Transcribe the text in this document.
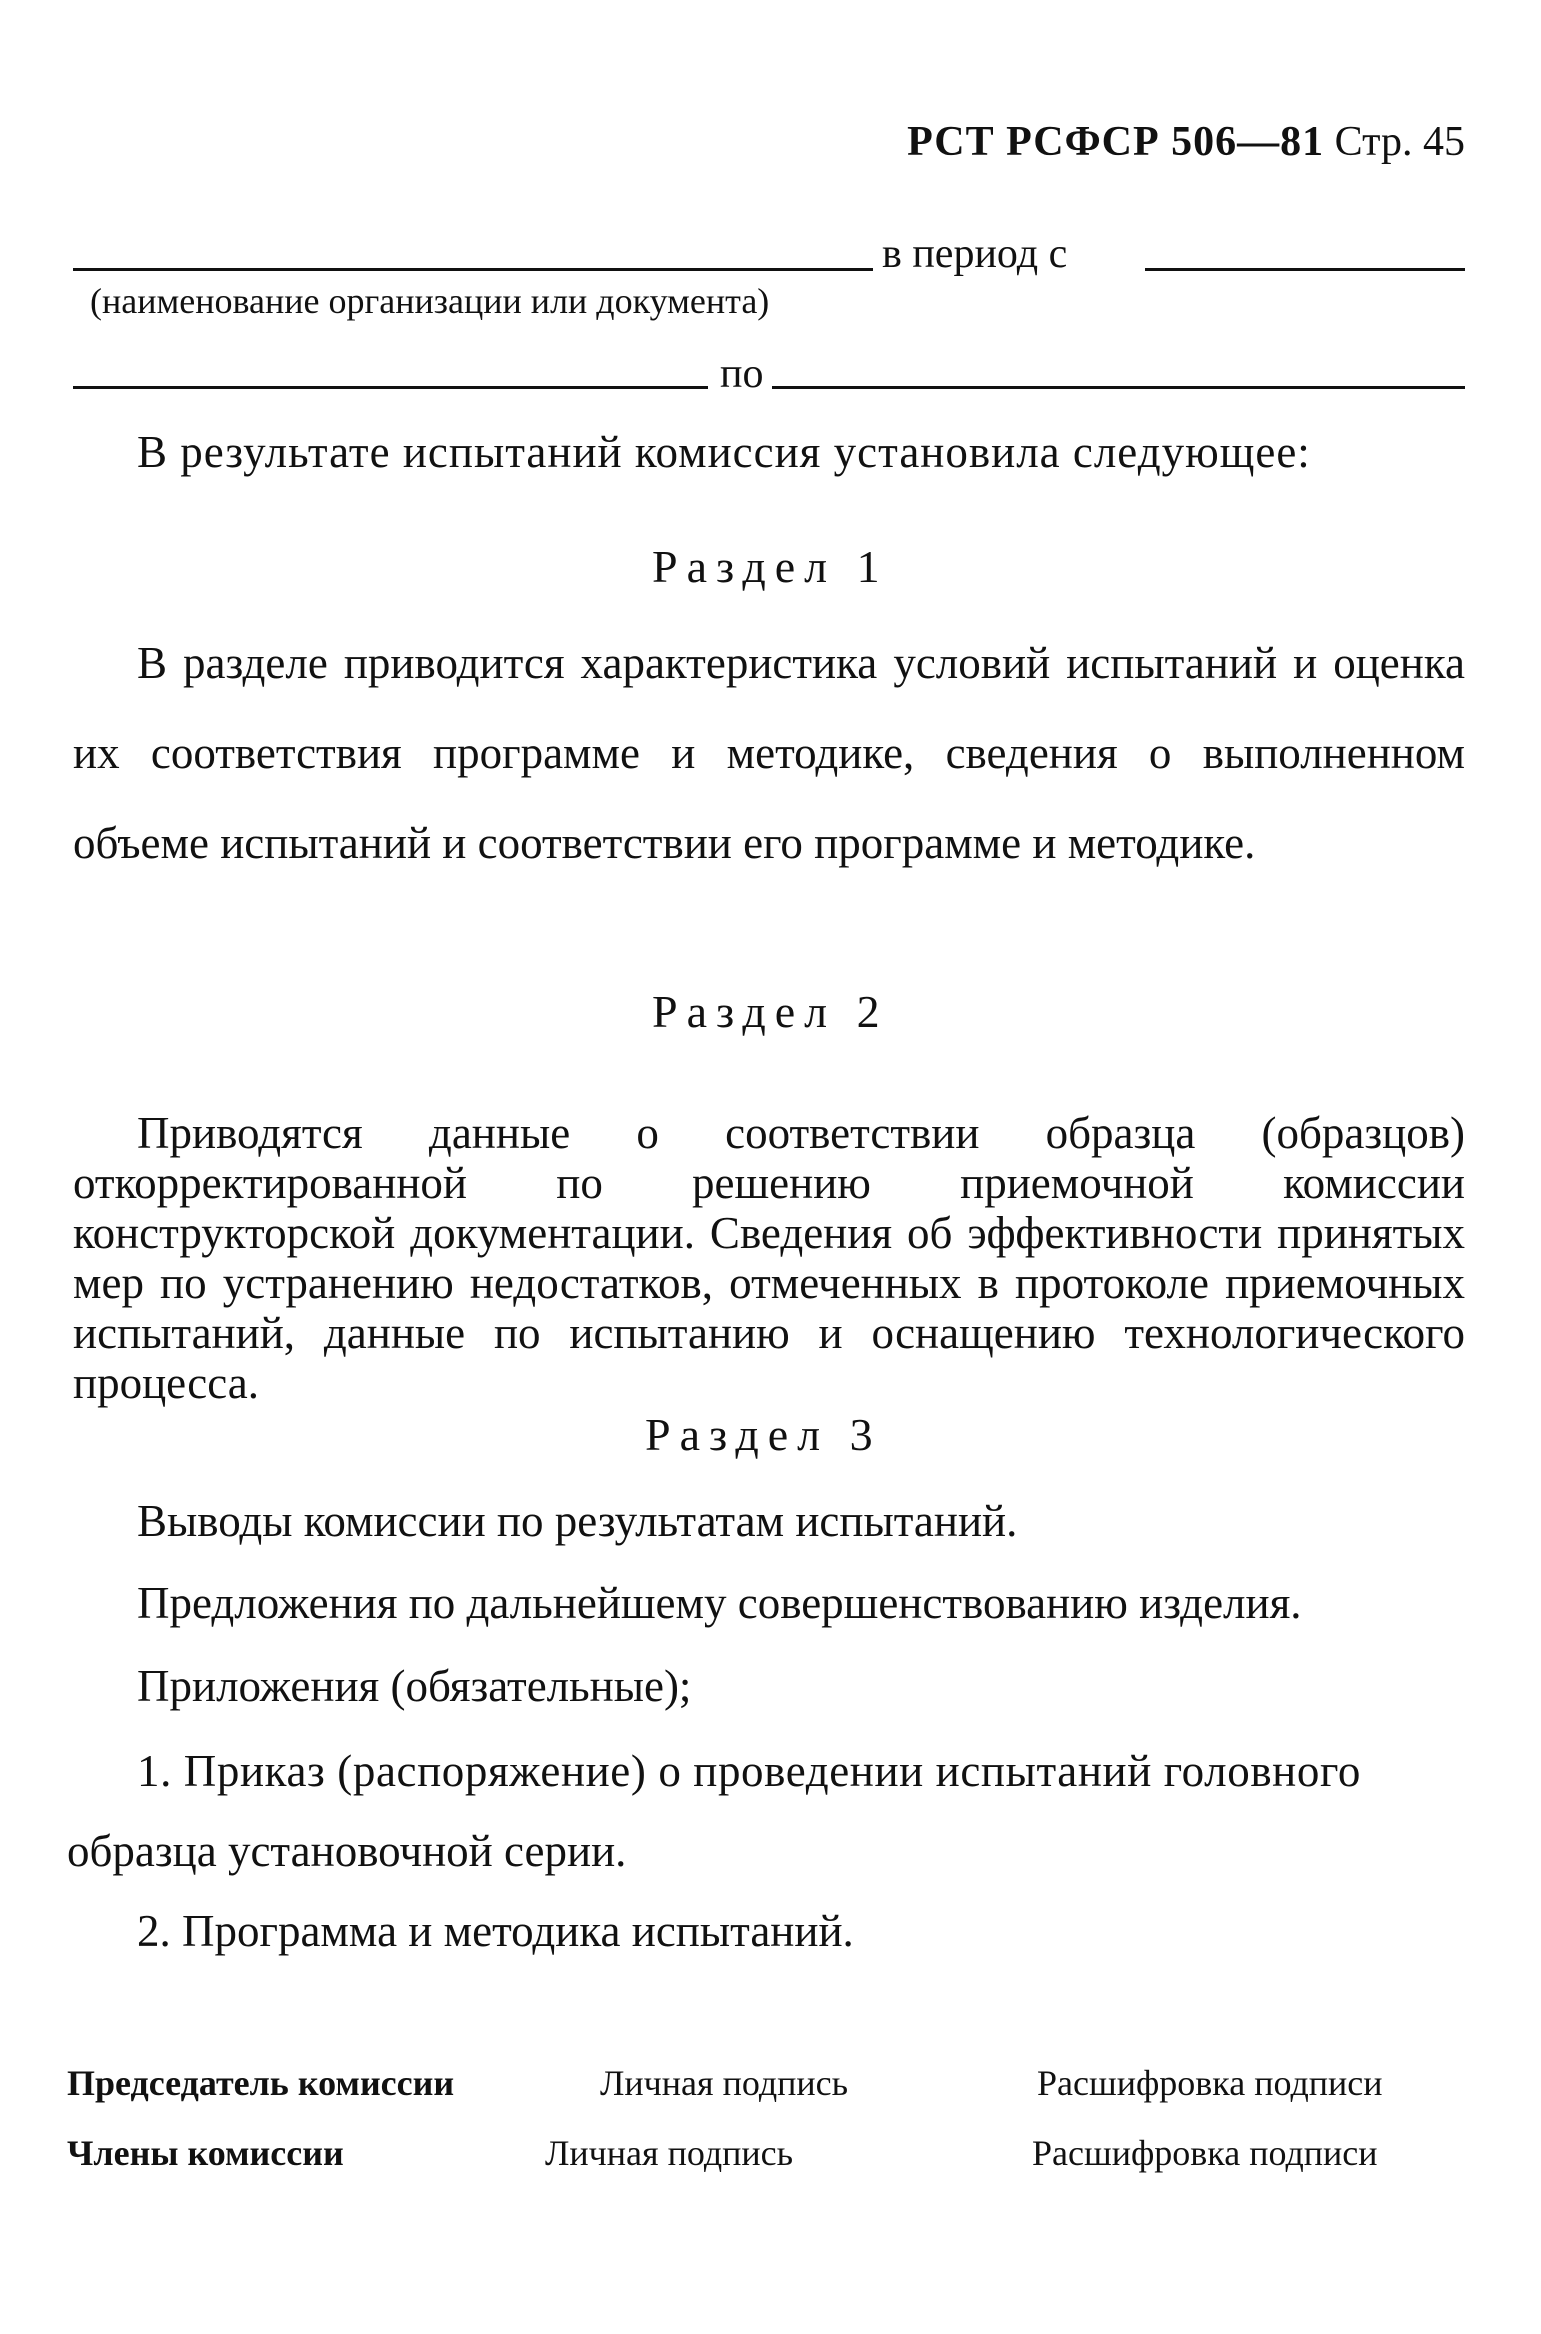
РСТ РСФСР 506—81 Стр. 45
в период с
(наименование организации или документа)
по
В результате испытаний комиссия установила следующее:
Раздел 1
В разделе приводится характеристика условий испытаний и оценка их соответствия программе и методике, сведения о выполненном объеме испытаний и соответствии его программе и методике.
Раздел 2
Приводятся данные о соответствии образца (образцов) откорректированной по решению приемочной комиссии конструкторской документации. Сведения об эффективности принятых мер по устранению недостатков, отмеченных в протоколе приемочных испытаний, данные по испытанию и оснащению технологического процесса.
Раздел 3
Выводы комиссии по результатам испытаний.
Предложения по дальнейшему совершенствованию изделия.
Приложения (обязательные);
1. Приказ (распоряжение) о проведении испытаний головного
образца установочной серии.
2. Программа и методика испытаний.
Председатель комиссии	Личная подпись	Расшифровка подписи
Члены комиссии	Личная подпись	Расшифровка подписи
